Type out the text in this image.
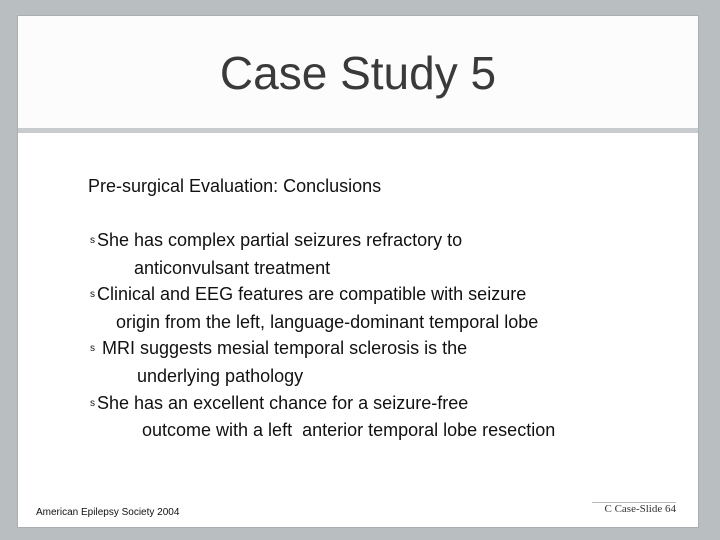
Case Study 5
Pre-surgical Evaluation: Conclusions
s She has complex partial seizures refractory to
anticonvulsant treatment
s Clinical and EEG features are compatible with seizure
origin from the left, language-dominant temporal lobe
s MRI suggests mesial temporal sclerosis is the
underlying pathology
s She has an excellent chance for a seizure-free
outcome with a left  anterior temporal lobe resection
American Epilepsy Society 2004	C Case-Slide 64
